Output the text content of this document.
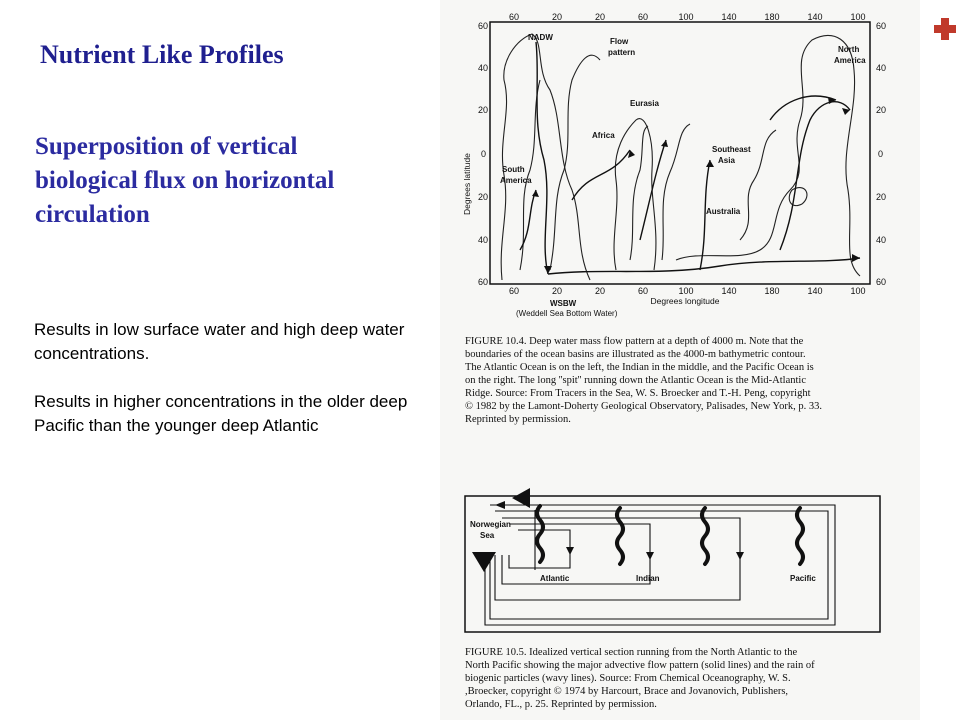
Nutrient Like Profiles
Superposition of vertical biological flux on horizontal circulation

Results in low surface water and high deep water concentrations.

Results in higher concentrations in the older deep Pacific than the younger deep Atlantic

60	20	20	60	100	140	180	140	100
60	20	20	60	100	140	180	140	100
60
40
20
0
20
40
60
60
40
20
0
20
40
60
Degrees latitude
Degrees longitude
NADW	Flow
pattern	North
America
Eurasia
Africa
Southeast
Asia
South
America
Australia
WSBW
(Weddell Sea Bottom Water)
FIGURE 10.4. Deep water mass flow pattern at a depth of 4000 m. Note that the
boundaries of the ocean basins are illustrated as the 4000-m bathymetric contour.
The Atlantic Ocean is on the left, the Indian in the middle, and the Pacific Ocean is
on the right. The long ''spit'' running down the Atlantic Ocean is the Mid-Atlantic
Ridge. Source: From Tracers in the Sea, W. S. Broecker and T.-H. Peng, copyright
© 1982 by the Lamont-Doherty Geological Observatory, Palisades, New York, p. 33.
Reprinted by permission.
Norwegian
Sea
Atlantic	Indian	Pacific
FIGURE 10.5. Idealized vertical section running from the North Atlantic to the
North Pacific showing the major advective flow pattern (solid lines) and the rain of
biogenic particles (wavy lines). Source: From Chemical Oceanography, W. S.
,Broecker, copyright © 1974 by Harcourt, Brace and Jovanovich, Publishers,
Orlando, FL., p. 25. Reprinted by permission.
